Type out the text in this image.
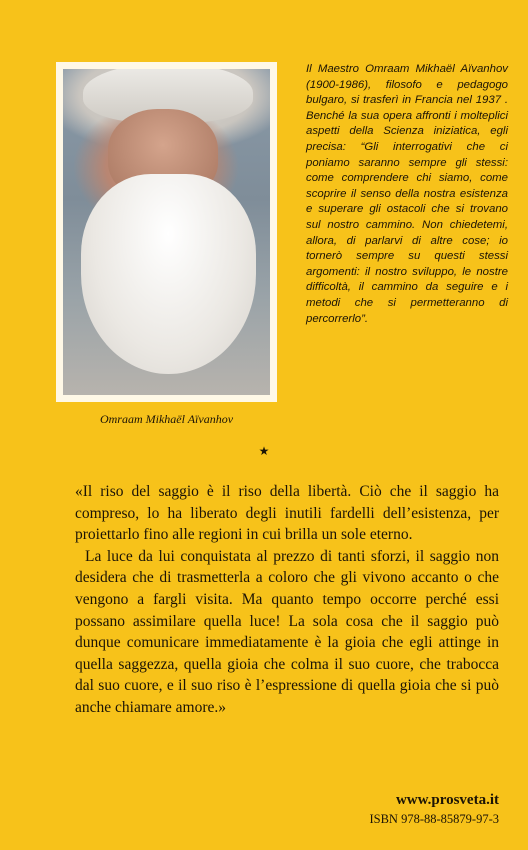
Omraam Mikhaël Aïvanhov

Il Maestro Omraam Mikhaël Aïvanhov (1900-1986), filosofo e pedagogo bulgaro, si trasferì in Francia nel 1937 . Benché la sua opera affronti i molteplici aspetti della Scienza iniziatica, egli precisa: “Gli interrogativi che ci poniamo saranno sempre gli stessi: come comprendere chi siamo, come scoprire il senso della nostra esistenza e superare gli ostacoli che si trovano sul nostro cammino. Non chiedetemi, allora, di parlarvi di altre cose; io tornerò sempre su questi stessi argomenti: il nostro sviluppo, le nostre difficoltà, il cammino da seguire e i metodi che si permetteranno di percorrerlo”.

★

«Il riso del saggio è il riso della libertà. Ciò che il saggio ha compreso, lo ha liberato degli inutili fardelli dell’esistenza, per proiettarlo fino alle regioni in cui brilla un sole eterno.

La luce da lui conquistata al prezzo di tanti sforzi, il saggio non desidera che di trasmetterla a coloro che gli vivono accanto o che vengono a fargli visita. Ma quanto tempo occorre perché essi possano assimilare quella luce! La sola cosa che il saggio può dunque comunicare immediatamente è la gioia che egli attinge in quella saggezza, quella gioia che colma il suo cuore, che trabocca dal suo cuore, e il suo riso è l’espressione di quella gioia che si può anche chiamare amore.»

www.prosveta.it
ISBN 978-88-85879-97-3
